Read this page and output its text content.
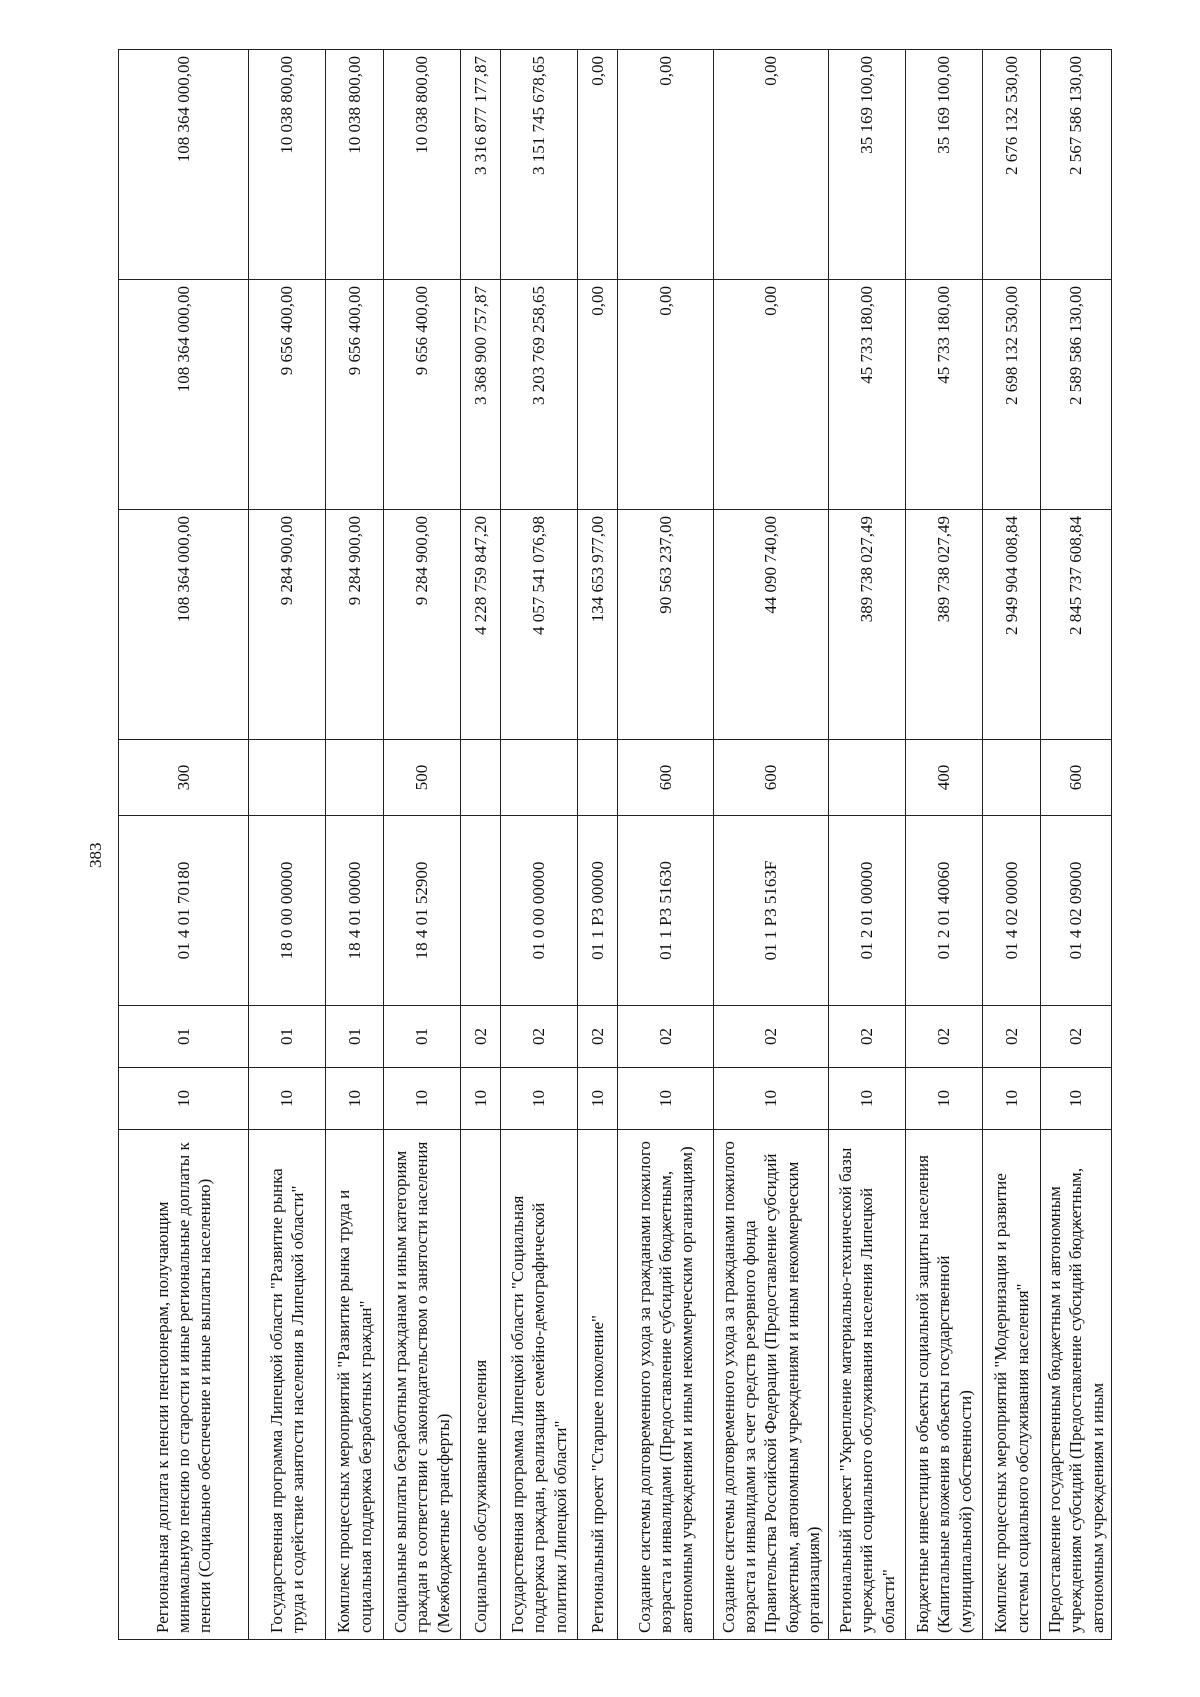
383
Региональная доплата к пенсии пенсионерам, получающим минимальную пенсию по старости и иные региональные доплаты к пенсии (Социальное обеспечение и иные выплаты населению)	10	01	01 4 01 70180	300	108 364 000,00	108 364 000,00	108 364 000,00
Государственная программа Липецкой области "Развитие рынка труда и содействие занятости населения в Липецкой области"	10	01	18 0 00 00000		9 284 900,00	9 656 400,00	10 038 800,00
Комплекс процессных мероприятий "Развитие рынка труда и социальная поддержка безработных граждан"	10	01	18 4 01 00000		9 284 900,00	9 656 400,00	10 038 800,00
Социальные выплаты безработным гражданам и иным категориям граждан в соответствии с законодательством о занятости населения (Межбюджетные трансферты)	10	01	18 4 01 52900	500	9 284 900,00	9 656 400,00	10 038 800,00
Социальное обслуживание населения	10	02			4 228 759 847,20	3 368 900 757,87	3 316 877 177,87
Государственная программа Липецкой области "Социальная поддержка граждан, реализация семейно-демографической политики Липецкой области"	10	02	01 0 00 00000		4 057 541 076,98	3 203 769 258,65	3 151 745 678,65
Региональный проект "Старшее поколение"	10	02	01 1 P3 00000		134 653 977,00	0,00	0,00
Создание системы долговременного ухода за гражданами пожилого возраста и инвалидами (Предоставление субсидий бюджетным, автономным учреждениям и иным некоммерческим организациям)	10	02	01 1 P3 51630	600	90 563 237,00	0,00	0,00
Создание системы долговременного ухода за гражданами пожилого возраста и инвалидами за счет средств резервного фонда Правительства Российской Федерации (Предоставление субсидий бюджетным, автономным учреждениям и иным некоммерческим организациям)	10	02	01 1 P3 5163F	600	44 090 740,00	0,00	0,00
Региональный проект "Укрепление материально-технической базы учреждений социального обслуживания населения Липецкой области"	10	02	01 2 01 00000		389 738 027,49	45 733 180,00	35 169 100,00
Бюджетные инвестиции в объекты социальной защиты населения (Капитальные вложения в объекты государственной (муниципальной) собственности)	10	02	01 2 01 40060	400	389 738 027,49	45 733 180,00	35 169 100,00
Комплекс процессных мероприятий "Модернизация и развитие системы социального обслуживания населения"	10	02	01 4 02 00000		2 949 904 008,84	2 698 132 530,00	2 676 132 530,00
Предоставление государственным бюджетным и автономным учреждениям субсидий (Предоставление субсидий бюджетным, автономным учреждениям и иным	10	02	01 4 02 09000	600	2 845 737 608,84	2 589 586 130,00	2 567 586 130,00
